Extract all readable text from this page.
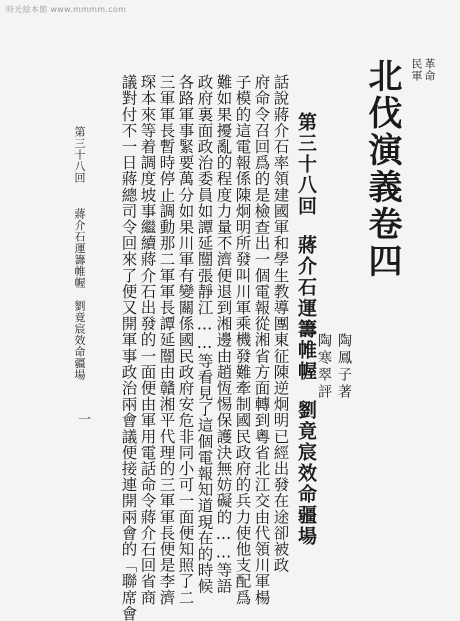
時光絵本館 www.mmmm.com
革命
民軍
北伐演義卷四
陶鳳子著
陶寒翠評
第三十八回蔣介石運籌帷幄劉竟宸效命疆場
話說蔣介石率領建國軍和學生教導團東征陳逆炯明已經出發在途卻被政
府命令召回爲的是檢查出一個電報從湘省方面轉到粵省北江交由代領川軍楊
子模的這電報係陳炯明所發叫川軍乘機發難牽制國民政府的兵力使他支配爲
難如果擾亂的程度力量不濟便退到湘邊由趙恆惕保護決無妨礙的……等語
政府裏面政治委員如譚延闓張靜江……等看見了這個電報知道現在的時候
各路軍事緊要萬分如果川軍有變關係國民政府安危非同小可一面便知照了二
三軍軍長暫時停止調動那二軍軍長譚延闓由贛湘平代理的三軍軍長便是李濟
琛本來等着調度坡事繼續蔣介石出發的一面便由軍用電話命令蔣介石回省商
議對付不一日蔣總司令回來了便又開軍事政治兩會議便接連開兩會的「聯席會
第三十八回
蔣介石運籌帷幄
劉竟宸效命疆場
一
